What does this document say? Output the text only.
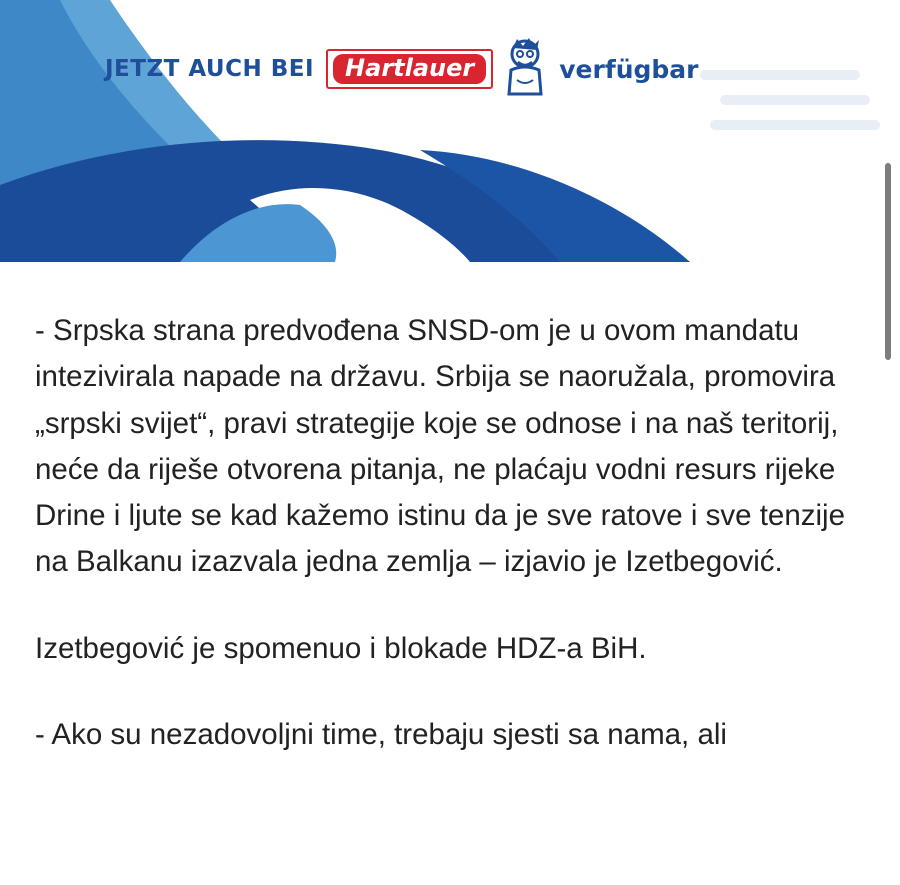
JETZT AUCH BEI	Hartlauer	verfügbar

- Srpska strana predvođena SNSD-om je u ovom mandatu intezivirala napade na državu. Srbija se naoružala, promovira „srpski svijet“, pravi strategije koje se odnose i na naš teritorij, neće da riješe otvorena pitanja, ne plaćaju vodni resurs rijeke Drine i ljute se kad kažemo istinu da je sve ratove i sve tenzije na Balkanu izazvala jedna zemlja – izjavio je Izetbegović.

Izetbegović je spomenuo i blokade HDZ-a BiH.

- Ako su nezadovoljni time, trebaju sjesti sa nama, ali
